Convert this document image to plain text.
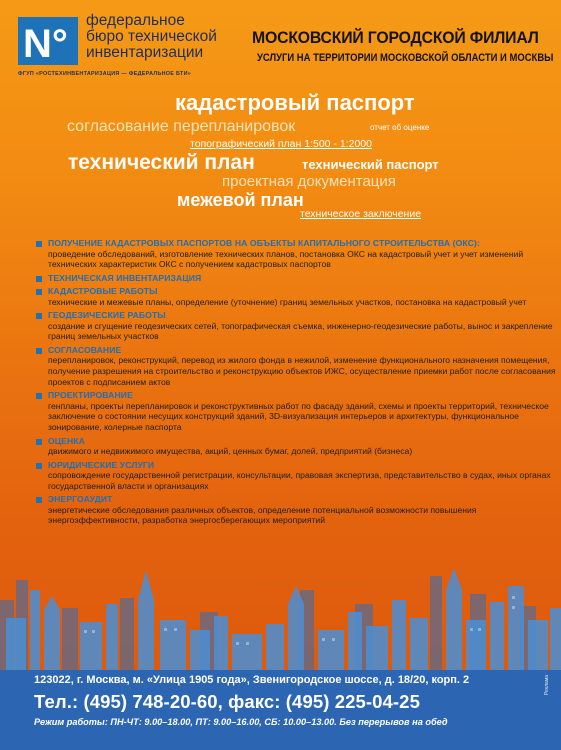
N°
федеральное
бюро технической
инвентаризации
ФГУП «РОСТЕХИНВЕНТАРИЗАЦИЯ — ФЕДЕРАЛЬНОЕ БТИ»
МОСКОВСКИЙ ГОРОДСКОЙ ФИЛИАЛ
УСЛУГИ НА ТЕРРИТОРИИ МОСКОВСКОЙ ОБЛАСТИ И МОСКВЫ
кадастровый паспорт
согласование перепланировок	отчет об оценке
топографический план 1:500 - 1:2000
технический план	технический паспорт
проектная документация
межевой план
техническое заключение
ПОЛУЧЕНИЕ КАДАСТРОВЫХ ПАСПОРТОВ НА ОБЪЕКТЫ КАПИТАЛЬНОГО СТРОИТЕЛЬСТВА (ОКС):
проведение обследований, изготовление технических планов, постановка ОКС на кадастровый учет и учет изменений технических характеристик ОКС с получением кадастровых паспортов
ТЕХНИЧЕСКАЯ ИНВЕНТАРИЗАЦИЯ
КАДАСТРОВЫЕ РАБОТЫ
технические и межевые планы, определение (уточнение) границ земельных участков, постановка на кадастровый учет
ГЕОДЕЗИЧЕСКИЕ РАБОТЫ
создание и сгущение геодезических сетей, топографическая съемка, инженерно-геодезические работы, вынос и закрепление границ земельных участков
СОГЛАСОВАНИЕ
перепланировок, реконструкций, перевод из жилого фонда в нежилой, изменение функционального назначения помещения, получение разрешения на строительство и реконструкцию объектов ИЖС, осуществление приемки работ после согласования проектов с подписанием актов
ПРОЕКТИРОВАНИЕ
генпланы, проекты перепланировок и реконструктивных работ по фасаду зданий, схемы и проекты территорий, техническое заключение о состоянии несущих конструкций зданий, 3D-визуализация интерьеров и архитектуры, функциональное зонирование, колерные паспорта
ОЦЕНКА
движимого и недвижимого имущества, акций, ценных бумаг, долей, предприятий (бизнеса)
ЮРИДИЧЕСКИЕ УСЛУГИ
сопровождение государственной регистрации, консультации, правовая экспертиза, представительство в судах, иных органах государственной власти и организациях
ЭНЕРГОАУДИТ
энергетические обследования различных объектов, определение потенциальной возможности повышения энергоэффективности, разработка энергосберегающих мероприятий
123022, г. Москва, м. «Улица 1905 года», Звенигородское шоссе, д. 18/20, корп. 2
Тел.: (495) 748-20-60, факс: (495) 225-04-25
Режим работы: ПН-ЧТ: 9.00–18.00, ПТ: 9.00–16.00, СБ: 10.00–13.00. Без перерывов на обед
Реклама
